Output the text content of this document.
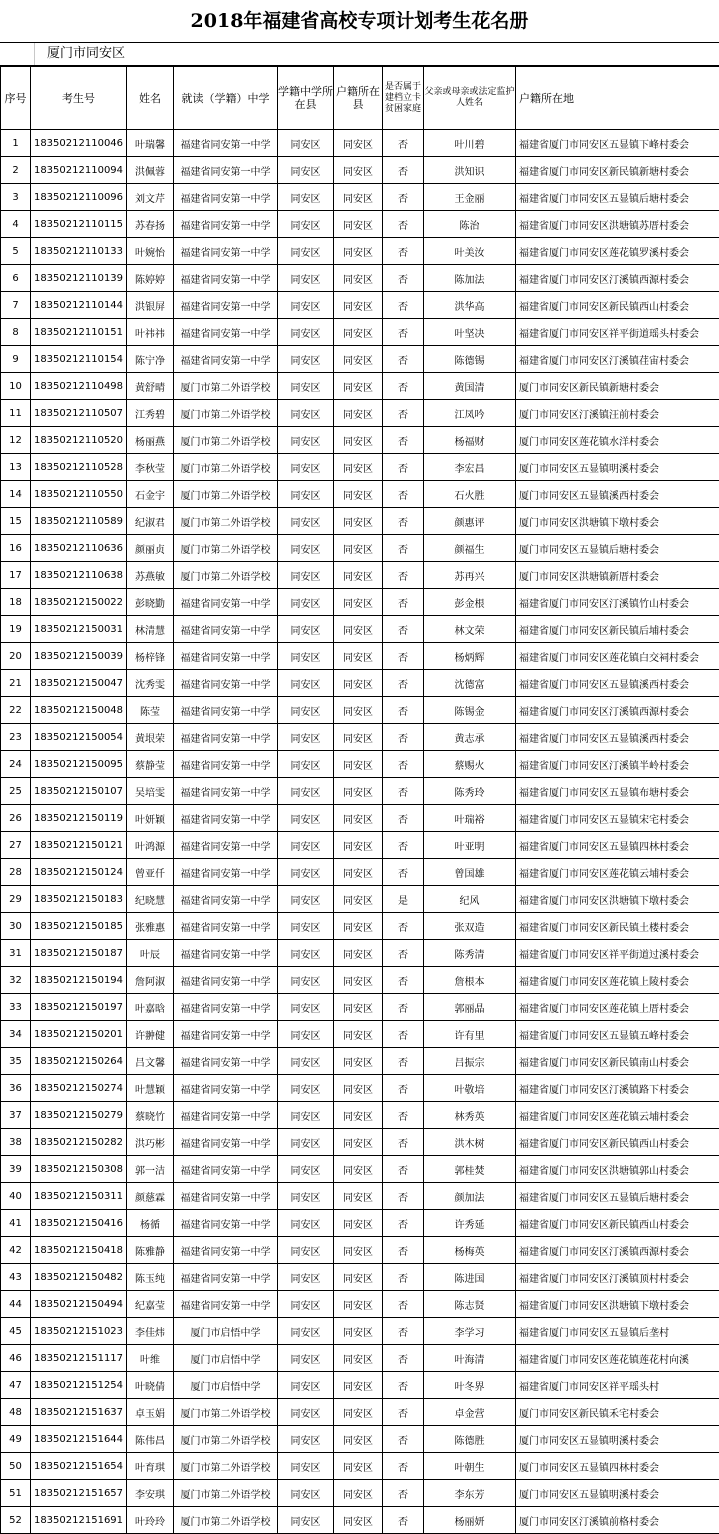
2018年福建省高校专项计划考生花名册
厦门市同安区
序号	考生号	姓名	就读（学籍）中学	学籍中学所在县	户籍所在县	是否属于建档立卡贫困家庭	父亲或母亲或法定监护人姓名	户籍所在地
1	18350212110046	叶瑞馨	福建省同安第一中学	同安区	同安区	否	叶川碧	福建省厦门市同安区五显镇下峰村委会
2	18350212110094	洪佩蓉	福建省同安第一中学	同安区	同安区	否	洪知识	福建省厦门市同安区新民镇新塘村委会
3	18350212110096	刘文芹	福建省同安第一中学	同安区	同安区	否	王金丽	福建省厦门市同安区五显镇后塘村委会
4	18350212110115	苏春扬	福建省同安第一中学	同安区	同安区	否	陈治	福建省厦门市同安区洪塘镇苏厝村委会
5	18350212110133	叶婉怡	福建省同安第一中学	同安区	同安区	否	叶美汝	福建省厦门市同安区莲花镇罗溪村委会
6	18350212110139	陈婷婷	福建省同安第一中学	同安区	同安区	否	陈加法	福建省厦门市同安区汀溪镇西源村委会
7	18350212110144	洪银屏	福建省同安第一中学	同安区	同安区	否	洪华高	福建省厦门市同安区新民镇西山村委会
8	18350212110151	叶祎祎	福建省同安第一中学	同安区	同安区	否	叶坚决	福建省厦门市同安区祥平街道瑶头村委会
9	18350212110154	陈宁净	福建省同安第一中学	同安区	同安区	否	陈德锡	福建省厦门市同安区汀溪镇荏宙村委会
10	18350212110498	黄舒晴	厦门市第二外语学校	同安区	同安区	否	黄国清	厦门市同安区新民镇新塘村委会
11	18350212110507	江秀碧	厦门市第二外语学校	同安区	同安区	否	江凤吟	厦门市同安区汀溪镇汪前村委会
12	18350212110520	杨丽燕	厦门市第二外语学校	同安区	同安区	否	杨福财	厦门市同安区莲花镇水洋村委会
13	18350212110528	李秋莹	厦门市第二外语学校	同安区	同安区	否	李宏昌	厦门市同安区五显镇明溪村委会
14	18350212110550	石金宇	厦门市第二外语学校	同安区	同安区	否	石火胜	厦门市同安区五显镇溪西村委会
15	18350212110589	纪淑君	厦门市第二外语学校	同安区	同安区	否	颜惠评	厦门市同安区洪塘镇下墩村委会
16	18350212110636	颜丽贞	厦门市第二外语学校	同安区	同安区	否	颜福生	厦门市同安区五显镇后塘村委会
17	18350212110638	苏燕敏	厦门市第二外语学校	同安区	同安区	否	苏再兴	厦门市同安区洪塘镇新厝村委会
18	18350212150022	彭晓勤	福建省同安第一中学	同安区	同安区	否	彭金根	福建省厦门市同安区汀溪镇竹山村委会
19	18350212150031	林清慧	福建省同安第一中学	同安区	同安区	否	林文荣	福建省厦门市同安区新民镇后埔村委会
20	18350212150039	杨梓锋	福建省同安第一中学	同安区	同安区	否	杨炳辉	福建省厦门市同安区莲花镇白交祠村委会
21	18350212150047	沈秀雯	福建省同安第一中学	同安区	同安区	否	沈德富	福建省厦门市同安区五显镇溪西村委会
22	18350212150048	陈莹	福建省同安第一中学	同安区	同安区	否	陈锡金	福建省厦门市同安区汀溪镇西源村委会
23	18350212150054	黄垠荣	福建省同安第一中学	同安区	同安区	否	黄志承	福建省厦门市同安区五显镇溪西村委会
24	18350212150095	蔡静莹	福建省同安第一中学	同安区	同安区	否	蔡赐火	福建省厦门市同安区汀溪镇半岭村委会
25	18350212150107	吴培雯	福建省同安第一中学	同安区	同安区	否	陈秀玲	福建省厦门市同安区五显镇布塘村委会
26	18350212150119	叶妍颖	福建省同安第一中学	同安区	同安区	否	叶瑞裕	福建省厦门市同安区五显镇宋宅村委会
27	18350212150121	叶鸿源	福建省同安第一中学	同安区	同安区	否	叶亚明	福建省厦门市同安区五显镇四林村委会
28	18350212150124	曾亚仟	福建省同安第一中学	同安区	同安区	否	曾国雄	福建省厦门市同安区莲花镇云埔村委会
29	18350212150183	纪晓慧	福建省同安第一中学	同安区	同安区	是	纪风	福建省厦门市同安区洪塘镇下墩村委会
30	18350212150185	张雅惠	福建省同安第一中学	同安区	同安区	否	张双造	福建省厦门市同安区新民镇土楼村委会
31	18350212150187	叶辰	福建省同安第一中学	同安区	同安区	否	陈秀清	福建省厦门市同安区祥平街道过溪村委会
32	18350212150194	詹阿淑	福建省同安第一中学	同安区	同安区	否	詹根本	福建省厦门市同安区莲花镇上陵村委会
33	18350212150197	叶嘉晗	福建省同安第一中学	同安区	同安区	否	郭丽晶	福建省厦门市同安区莲花镇上厝村委会
34	18350212150201	许翀健	福建省同安第一中学	同安区	同安区	否	许有里	福建省厦门市同安区五显镇五峰村委会
35	18350212150264	吕文馨	福建省同安第一中学	同安区	同安区	否	吕振宗	福建省厦门市同安区新民镇南山村委会
36	18350212150274	叶慧颖	福建省同安第一中学	同安区	同安区	否	叶敬培	福建省厦门市同安区汀溪镇路下村委会
37	18350212150279	蔡晓竹	福建省同安第一中学	同安区	同安区	否	林秀英	福建省厦门市同安区莲花镇云埔村委会
38	18350212150282	洪巧彬	福建省同安第一中学	同安区	同安区	否	洪木树	福建省厦门市同安区新民镇西山村委会
39	18350212150308	郭一洁	福建省同安第一中学	同安区	同安区	否	郭桂焚	福建省厦门市同安区洪塘镇郭山村委会
40	18350212150311	颜慈霖	福建省同安第一中学	同安区	同安区	否	颜加法	福建省厦门市同安区五显镇后塘村委会
41	18350212150416	杨循	福建省同安第一中学	同安区	同安区	否	许秀延	福建省厦门市同安区新民镇西山村委会
42	18350212150418	陈雅静	福建省同安第一中学	同安区	同安区	否	杨梅英	福建省厦门市同安区汀溪镇西源村委会
43	18350212150482	陈玉纯	福建省同安第一中学	同安区	同安区	否	陈进国	福建省厦门市同安区汀溪镇顶村村委会
44	18350212150494	纪嘉莹	福建省同安第一中学	同安区	同安区	否	陈志贤	福建省厦门市同安区洪塘镇下墩村委会
45	18350212151023	李佳炜	厦门市启悟中学	同安区	同安区	否	李学习	福建省厦门市同安区五显镇后垄村
46	18350212151117	叶维	厦门市启悟中学	同安区	同安区	否	叶海清	福建省厦门市同安区莲花镇莲花村向溪
47	18350212151254	叶晓倩	厦门市启悟中学	同安区	同安区	否	叶冬界	福建省厦门市同安区祥平瑶头村
48	18350212151637	卓玉娟	厦门市第二外语学校	同安区	同安区	否	卓金营	厦门市同安区新民镇禾宅村委会
49	18350212151644	陈伟昌	厦门市第二外语学校	同安区	同安区	否	陈德胜	厦门市同安区五显镇明溪村委会
50	18350212151654	叶育琪	厦门市第二外语学校	同安区	同安区	否	叶朝生	厦门市同安区五显镇四林村委会
51	18350212151657	李安琪	厦门市第二外语学校	同安区	同安区	否	李东芳	厦门市同安区五显镇明溪村委会
52	18350212151691	叶玲玲	厦门市第二外语学校	同安区	同安区	否	杨丽妍	厦门市同安区汀溪镇前格村委会
